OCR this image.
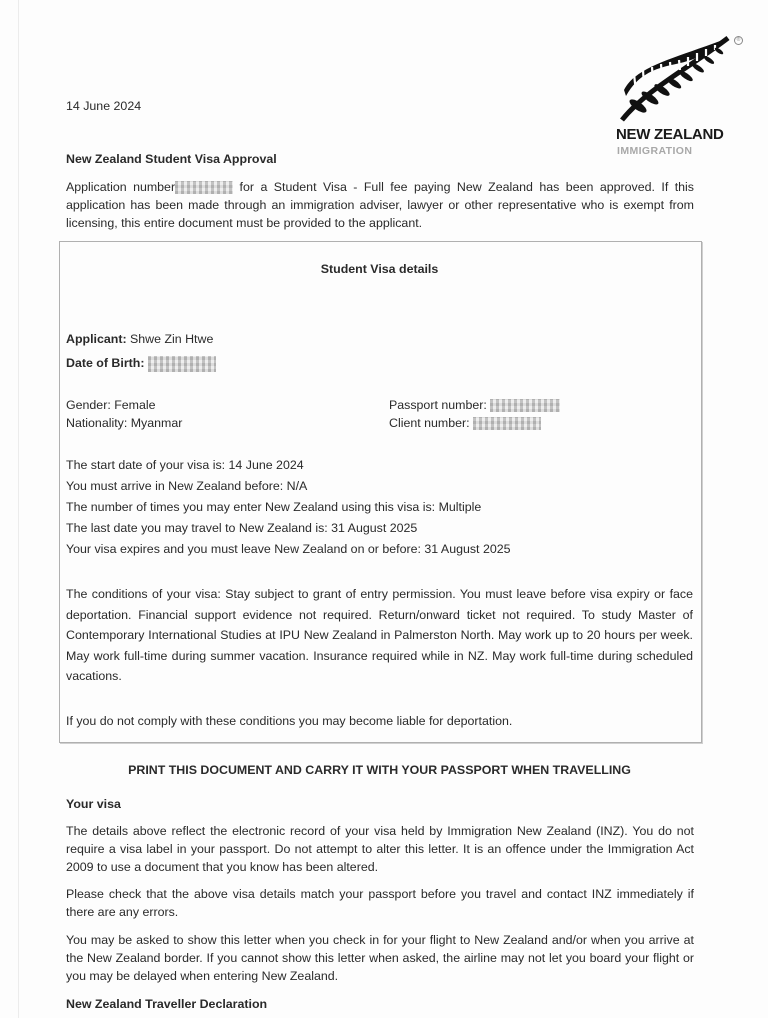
®
NEW ZEALAND
IMMIGRATION
14 June 2024
New Zealand Student Visa Approval
Application number	for a Student Visa - Full fee paying New Zealand has been approved. If this application has been made through an immigration adviser, lawyer or other representative who is exempt from licensing, this entire document must be provided to the applicant.
Student Visa details
Applicant: Shwe Zin Htwe
Date of Birth:
Gender: Female
Nationality: Myanmar
Passport number:
Client number:
The start date of your visa is: 14 June 2024
You must arrive in New Zealand before: N/A
The number of times you may enter New Zealand using this visa is: Multiple
The last date you may travel to New Zealand is: 31 August 2025
Your visa expires and you must leave New Zealand on or before: 31 August 2025
The conditions of your visa: Stay subject to grant of entry permission. You must leave before visa expiry or face deportation. Financial support evidence not required. Return/onward ticket not required. To study Master of Contemporary International Studies at IPU New Zealand in Palmerston North. May work up to 20 hours per week. May work full-time during summer vacation. Insurance required while in NZ. May work full-time during scheduled vacations.
If you do not comply with these conditions you may become liable for deportation.
PRINT THIS DOCUMENT AND CARRY IT WITH YOUR PASSPORT WHEN TRAVELLING
Your visa
The details above reflect the electronic record of your visa held by Immigration New Zealand (INZ). You do not require a visa label in your passport. Do not attempt to alter this letter. It is an offence under the Immigration Act 2009 to use a document that you know has been altered.
Please check that the above visa details match your passport before you travel and contact INZ immediately if there are any errors.
You may be asked to show this letter when you check in for your flight to New Zealand and/or when you arrive at the New Zealand border. If you cannot show this letter when asked, the airline may not let you board your flight or you may be delayed when entering New Zealand.
New Zealand Traveller Declaration
